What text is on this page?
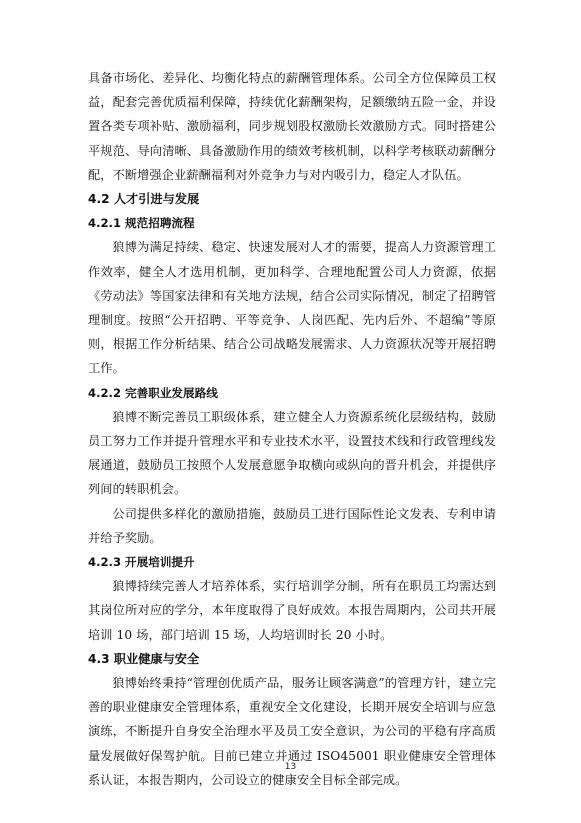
具备市场化、差异化、均衡化特点的薪酬管理体系。公司全方位保障员工权益，配套完善优质福利保障，持续优化薪酬架构，足额缴纳五险一金，并设置各类专项补贴、激励福利，同步规划股权激励长效激励方式。同时搭建公平规范、导向清晰、具备激励作用的绩效考核机制，以科学考核联动薪酬分配，不断增强企业薪酬福利对外竞争力与对内吸引力，稳定人才队伍。

4.2 人才引进与发展
4.2.1 规范招聘流程

狼博为满足持续、稳定、快速发展对人才的需要，提高人力资源管理工作效率，健全人才选用机制，更加科学、合理地配置公司人力资源，依据《劳动法》等国家法律和有关地方法规，结合公司实际情况，制定了招聘管理制度。按照“公开招聘、平等竞争、人岗匹配、先内后外、不超编”等原则，根据工作分析结果、结合公司战略发展需求、人力资源状况等开展招聘工作。

4.2.2 完善职业发展路线

狼博不断完善员工职级体系，建立健全人力资源系统化层级结构，鼓励员工努力工作并提升管理水平和专业技术水平，设置技术线和行政管理线发展通道，鼓励员工按照个人发展意愿争取横向或纵向的晋升机会，并提供序列间的转职机会。

公司提供多样化的激励措施，鼓励员工进行国际性论文发表、专利申请并给予奖励。

4.2.3 开展培训提升

狼博持续完善人才培养体系，实行培训学分制，所有在职员工均需达到其岗位所对应的学分，本年度取得了良好成效。本报告周期内，公司共开展培训 10 场，部门培训 15 场，人均培训时长 20 小时。

4.3 职业健康与安全

狼博始终秉持“管理创优质产品，服务让顾客满意”的管理方针，建立完善的职业健康安全管理体系，重视安全文化建设，长期开展安全培训与应急演练，不断提升自身安全治理水平及员工安全意识，为公司的平稳有序高质量发展做好保驾护航。目前已建立并通过 ISO45001 职业健康安全管理体系认证，本报告期内，公司设立的健康安全目标全部完成。

13
